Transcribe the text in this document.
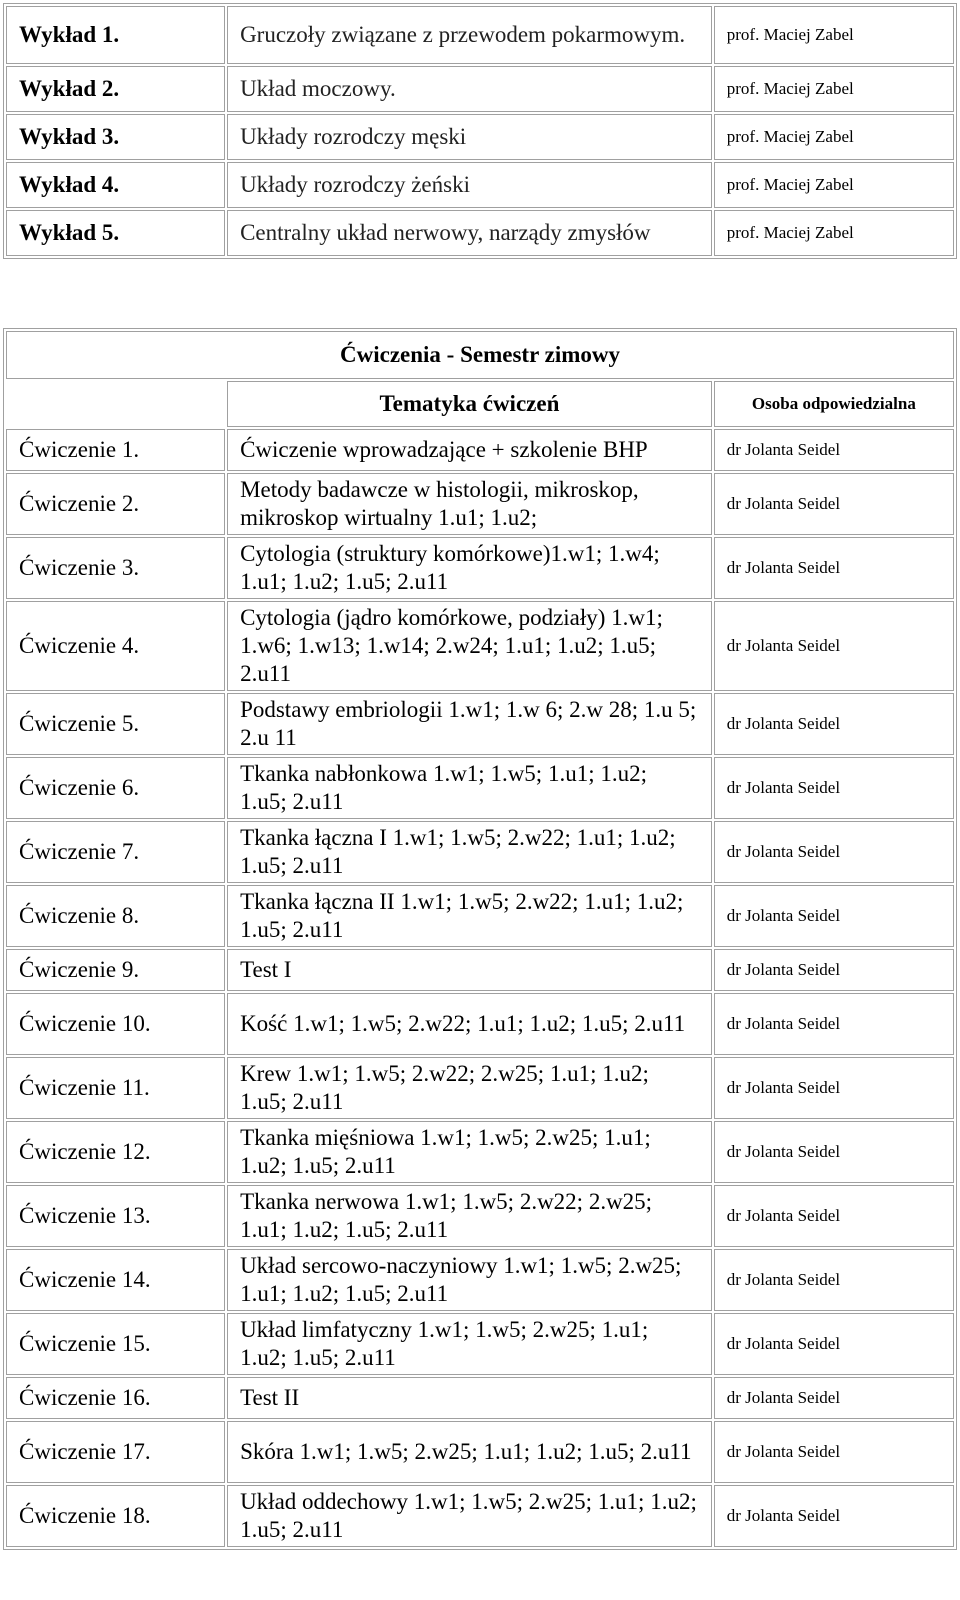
Wykład 1.	Gruczoły związane z przewodem pokarmowym.	prof. Maciej Zabel
Wykład 2.	Układ moczowy.	prof. Maciej Zabel
Wykład 3.	Układy rozrodczy męski	prof. Maciej Zabel
Wykład 4.	Układy rozrodczy żeński	prof. Maciej Zabel
Wykład 5.	Centralny układ nerwowy, narządy zmysłów	prof. Maciej Zabel
Ćwiczenia - Semestr zimowy		
	Tematyka ćwiczeń	Osoba odpowiedzialna
Ćwiczenie 1.	Ćwiczenie wprowadzające + szkolenie BHP	dr Jolanta Seidel
Ćwiczenie 2.	Metody badawcze w histologii, mikroskop, mikroskop wirtualny 1.u1; 1.u2;	dr Jolanta Seidel
Ćwiczenie 3.	Cytologia (struktury komórkowe)1.w1; 1.w4; 1.u1; 1.u2; 1.u5; 2.u11	dr Jolanta Seidel
Ćwiczenie 4.	Cytologia (jądro komórkowe, podziały) 1.w1; 1.w6; 1.w13; 1.w14; 2.w24; 1.u1; 1.u2; 1.u5; 2.u11	dr Jolanta Seidel
Ćwiczenie 5.	Podstawy embriologii 1.w1; 1.w 6; 2.w 28; 1.u 5; 2.u 11	dr Jolanta Seidel
Ćwiczenie 6.	Tkanka nabłonkowa 1.w1; 1.w5; 1.u1; 1.u2; 1.u5; 2.u11	dr Jolanta Seidel
Ćwiczenie 7.	Tkanka łączna I 1.w1; 1.w5; 2.w22; 1.u1; 1.u2; 1.u5; 2.u11	dr Jolanta Seidel
Ćwiczenie 8.	Tkanka łączna II 1.w1; 1.w5; 2.w22; 1.u1; 1.u2; 1.u5; 2.u11	dr Jolanta Seidel
Ćwiczenie 9.	Test I	dr Jolanta Seidel
Ćwiczenie 10.	Kość 1.w1; 1.w5; 2.w22; 1.u1; 1.u2; 1.u5; 2.u11	dr Jolanta Seidel
Ćwiczenie 11.	Krew 1.w1; 1.w5; 2.w22; 2.w25; 1.u1; 1.u2; 1.u5; 2.u11	dr Jolanta Seidel
Ćwiczenie 12.	Tkanka mięśniowa 1.w1; 1.w5; 2.w25; 1.u1; 1.u2; 1.u5; 2.u11	dr Jolanta Seidel
Ćwiczenie 13.	Tkanka nerwowa 1.w1; 1.w5; 2.w22; 2.w25; 1.u1; 1.u2; 1.u5; 2.u11	dr Jolanta Seidel
Ćwiczenie 14.	Układ sercowo-naczyniowy 1.w1; 1.w5; 2.w25; 1.u1; 1.u2; 1.u5; 2.u11	dr Jolanta Seidel
Ćwiczenie 15.	Układ limfatyczny 1.w1; 1.w5; 2.w25; 1.u1; 1.u2; 1.u5; 2.u11	dr Jolanta Seidel
Ćwiczenie 16.	Test II	dr Jolanta Seidel
Ćwiczenie 17.	Skóra 1.w1; 1.w5; 2.w25; 1.u1; 1.u2; 1.u5; 2.u11	dr Jolanta Seidel
Ćwiczenie 18.	Układ oddechowy 1.w1; 1.w5; 2.w25; 1.u1; 1.u2; 1.u5; 2.u11	dr Jolanta Seidel
